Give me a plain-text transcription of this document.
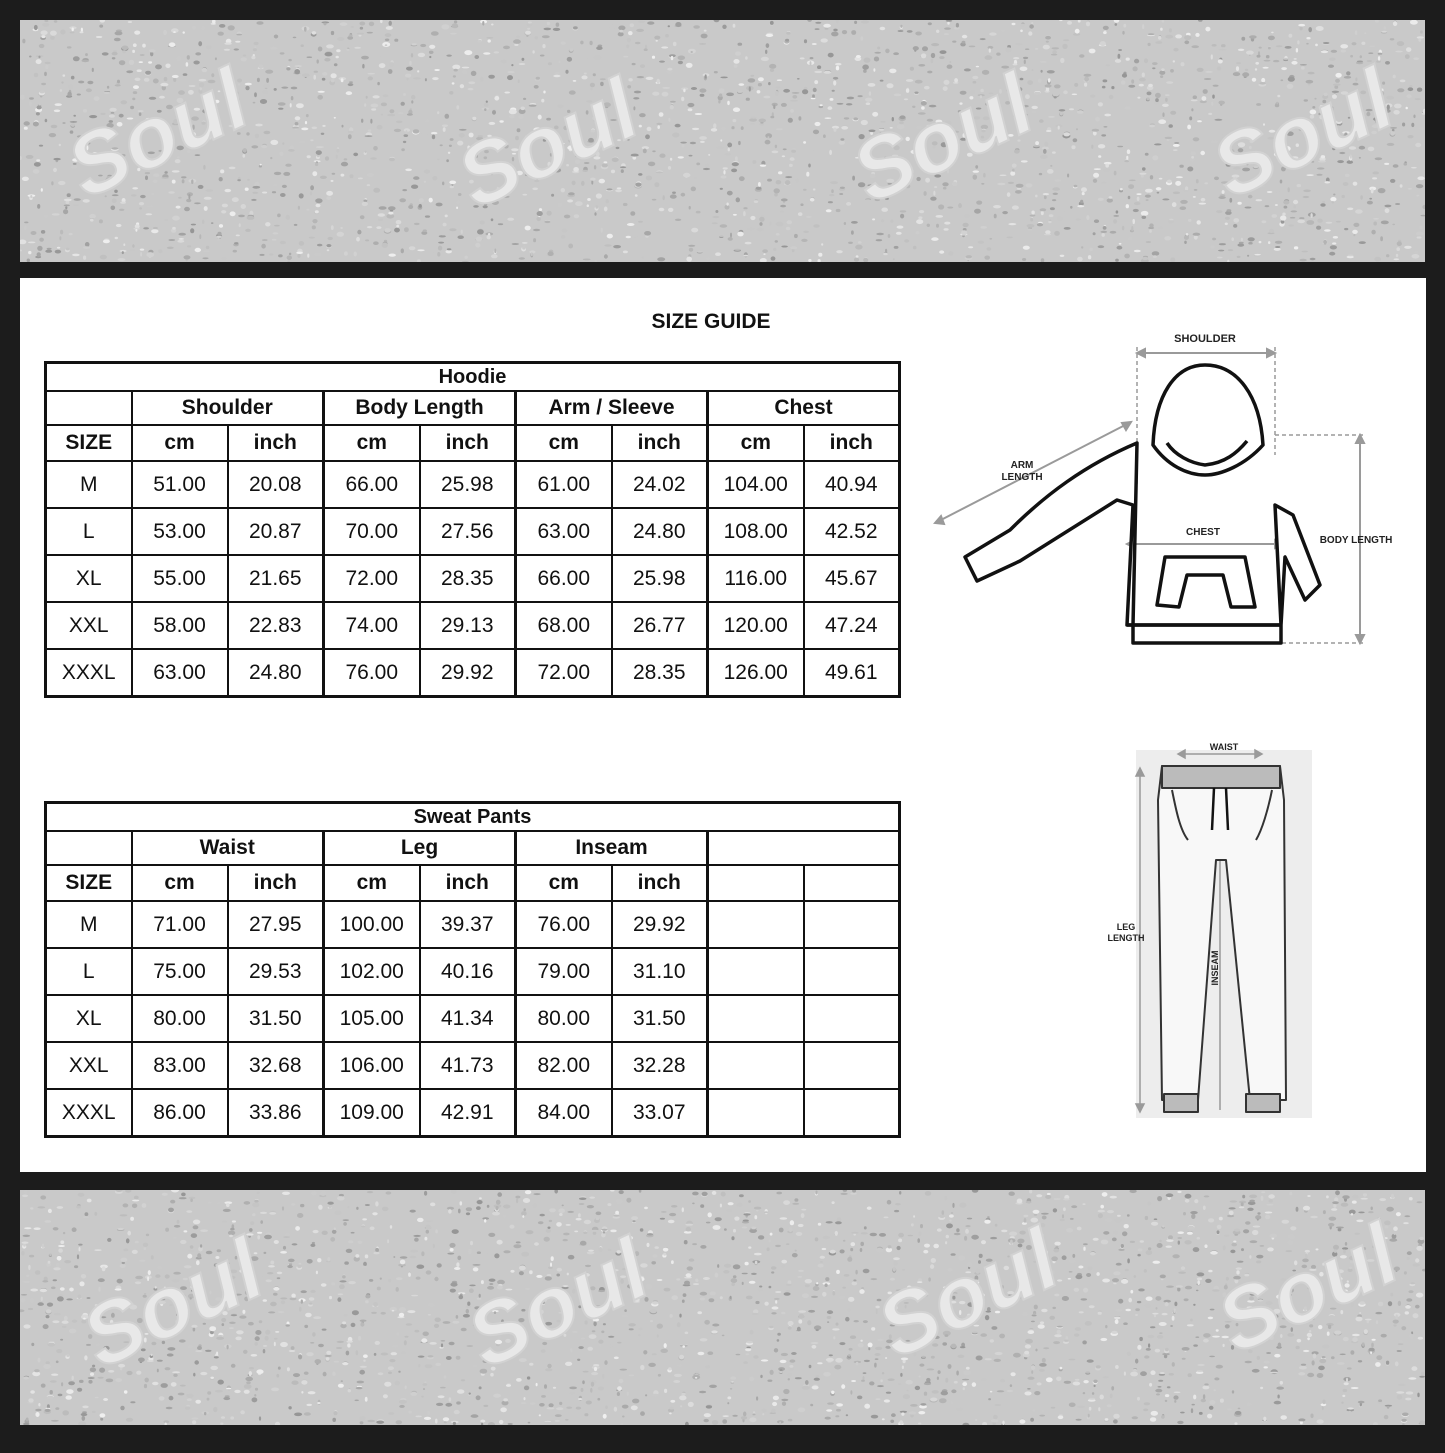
Soul Soul Soul Soul
SIZE GUIDE
Hoodie								
	Shoulder		Body Length		Arm / Sleeve		Chest	
SIZE	cm	inch	cm	inch	cm	inch	cm	inch
M	51.00	20.08	66.00	25.98	61.00	24.02	104.00	40.94
L	53.00	20.87	70.00	27.56	63.00	24.80	108.00	42.52
XL	55.00	21.65	72.00	28.35	66.00	25.98	116.00	45.67
XXL	58.00	22.83	74.00	29.13	68.00	26.77	120.00	47.24
XXXL	63.00	24.80	76.00	29.92	72.00	28.35	126.00	49.61
Sweat Pants								
	Waist		Leg		Inseam			
SIZE	cm	inch	cm	inch	cm	inch		
M	71.00	27.95	100.00	39.37	76.00	29.92		
L	75.00	29.53	102.00	40.16	79.00	31.10		
XL	80.00	31.50	105.00	41.34	80.00	31.50		
XXL	83.00	32.68	106.00	41.73	82.00	32.28		
XXXL	86.00	33.86	109.00	42.91	84.00	33.07		
SHOULDER
ARM
LENGTH
CHEST
BODY LENGTH
WAIST
LEG
LENGTH
INSEAM
Soul Soul Soul Soul
